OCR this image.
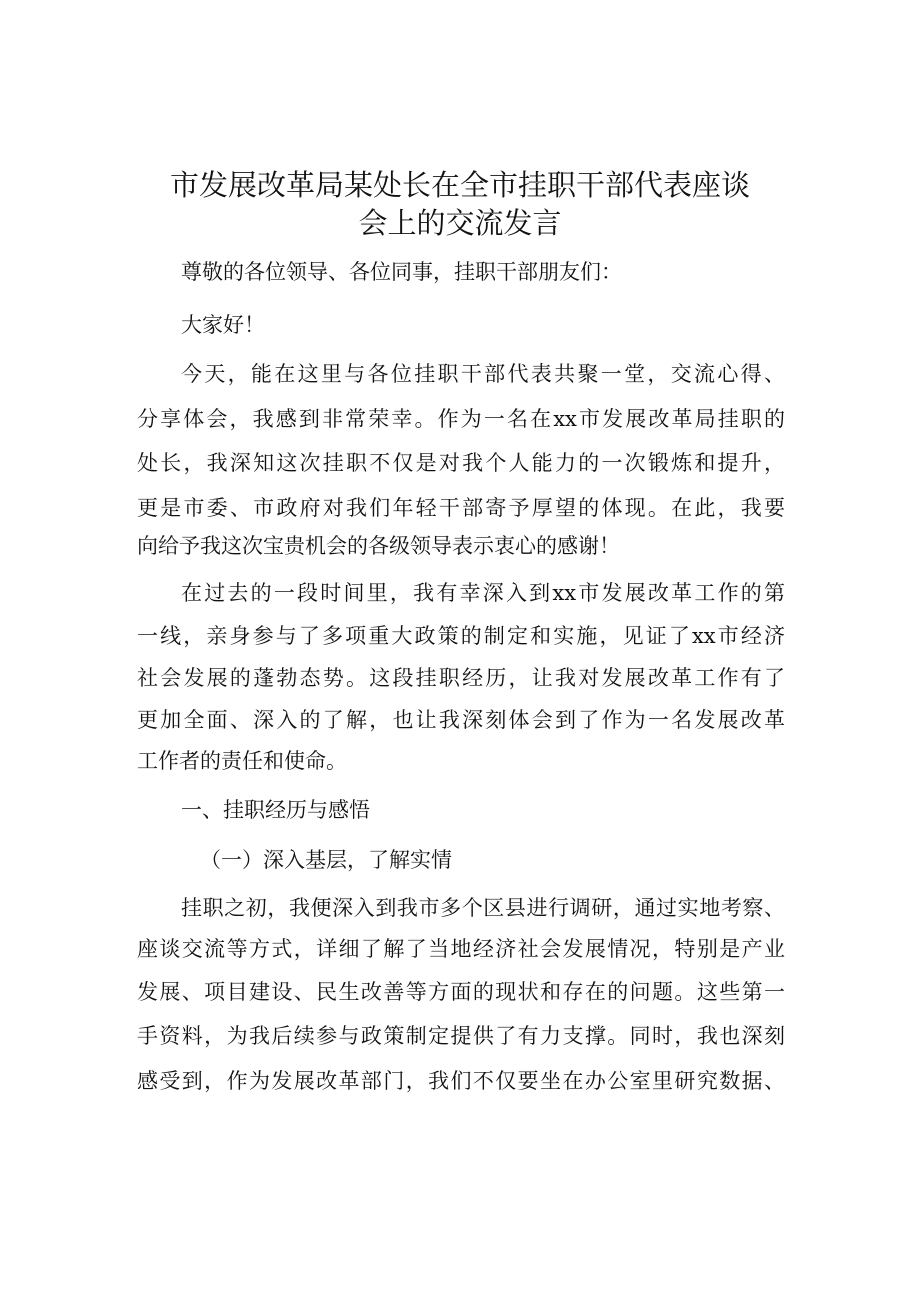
市发展改革局某处长在全市挂职干部代表座谈
会上的交流发言

尊敬的各位领导、各位同事，挂职干部朋友们：

大家好！

今天，能在这里与各位挂职干部代表共聚一堂，交流心得、

分享体会，我感到非常荣幸。作为一名在xx市发展改革局挂职的

处长，我深知这次挂职不仅是对我个人能力的一次锻炼和提升，

更是市委、市政府对我们年轻干部寄予厚望的体现。在此，我要

向给予我这次宝贵机会的各级领导表示衷心的感谢！

在过去的一段时间里，我有幸深入到xx市发展改革工作的第

一线，亲身参与了多项重大政策的制定和实施，见证了xx市经济

社会发展的蓬勃态势。这段挂职经历，让我对发展改革工作有了

更加全面、深入的了解，也让我深刻体会到了作为一名发展改革

工作者的责任和使命。

一、挂职经历与感悟

（一）深入基层，了解实情

挂职之初，我便深入到我市多个区县进行调研，通过实地考察、

座谈交流等方式，详细了解了当地经济社会发展情况，特别是产业

发展、项目建设、民生改善等方面的现状和存在的问题。这些第一

手资料，为我后续参与政策制定提供了有力支撑。同时，我也深刻

感受到，作为发展改革部门，我们不仅要坐在办公室里研究数据、
